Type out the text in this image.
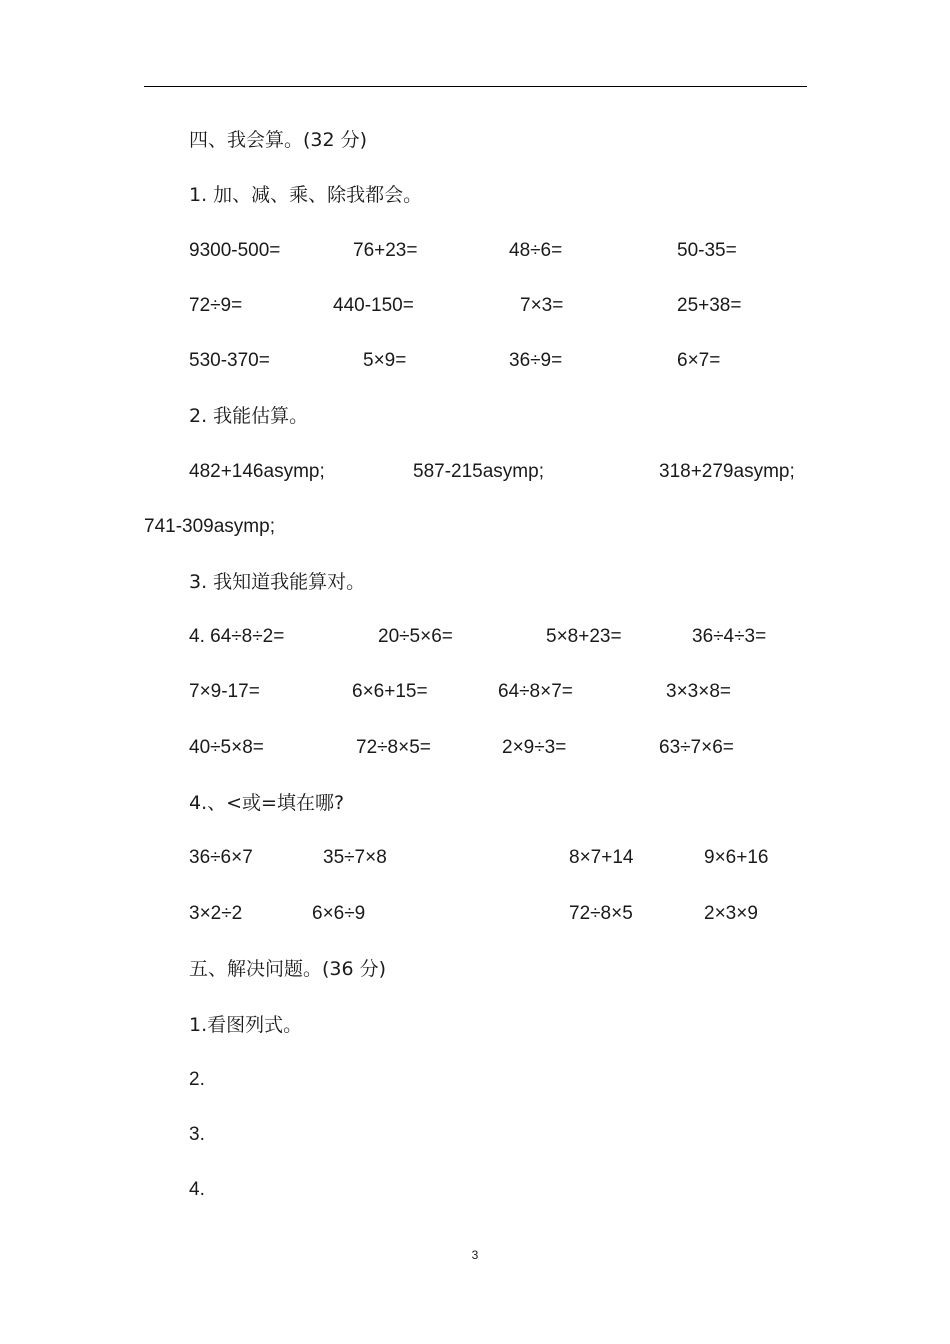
四、我会算。(32 分)
1. 加、减、乘、除我都会。
9300-500=	76+23=	48÷6=	50-35=
72÷9=	440-150=	7×3=	25+38=
530-370=	5×9=	36÷9=	6×7=
2. 我能估算。
482+146asymp;	587-215asymp;	318+279asymp;
741-309asymp;
3. 我知道我能算对。
4. 64÷8÷2=	20÷5×6=	5×8+23=	36÷4÷3=
7×9-17=	6×6+15=	64÷8×7=	3×3×8=
40÷5×8=	72÷8×5=	2×9÷3=	63÷7×6=
4.、<或=填在哪?
36÷6×7	35÷7×8	8×7+14	9×6+16
3×2÷2	6×6÷9	72÷8×5	2×3×9
五、解决问题。(36 分)
1.看图列式。
2.
3.
4.
3
